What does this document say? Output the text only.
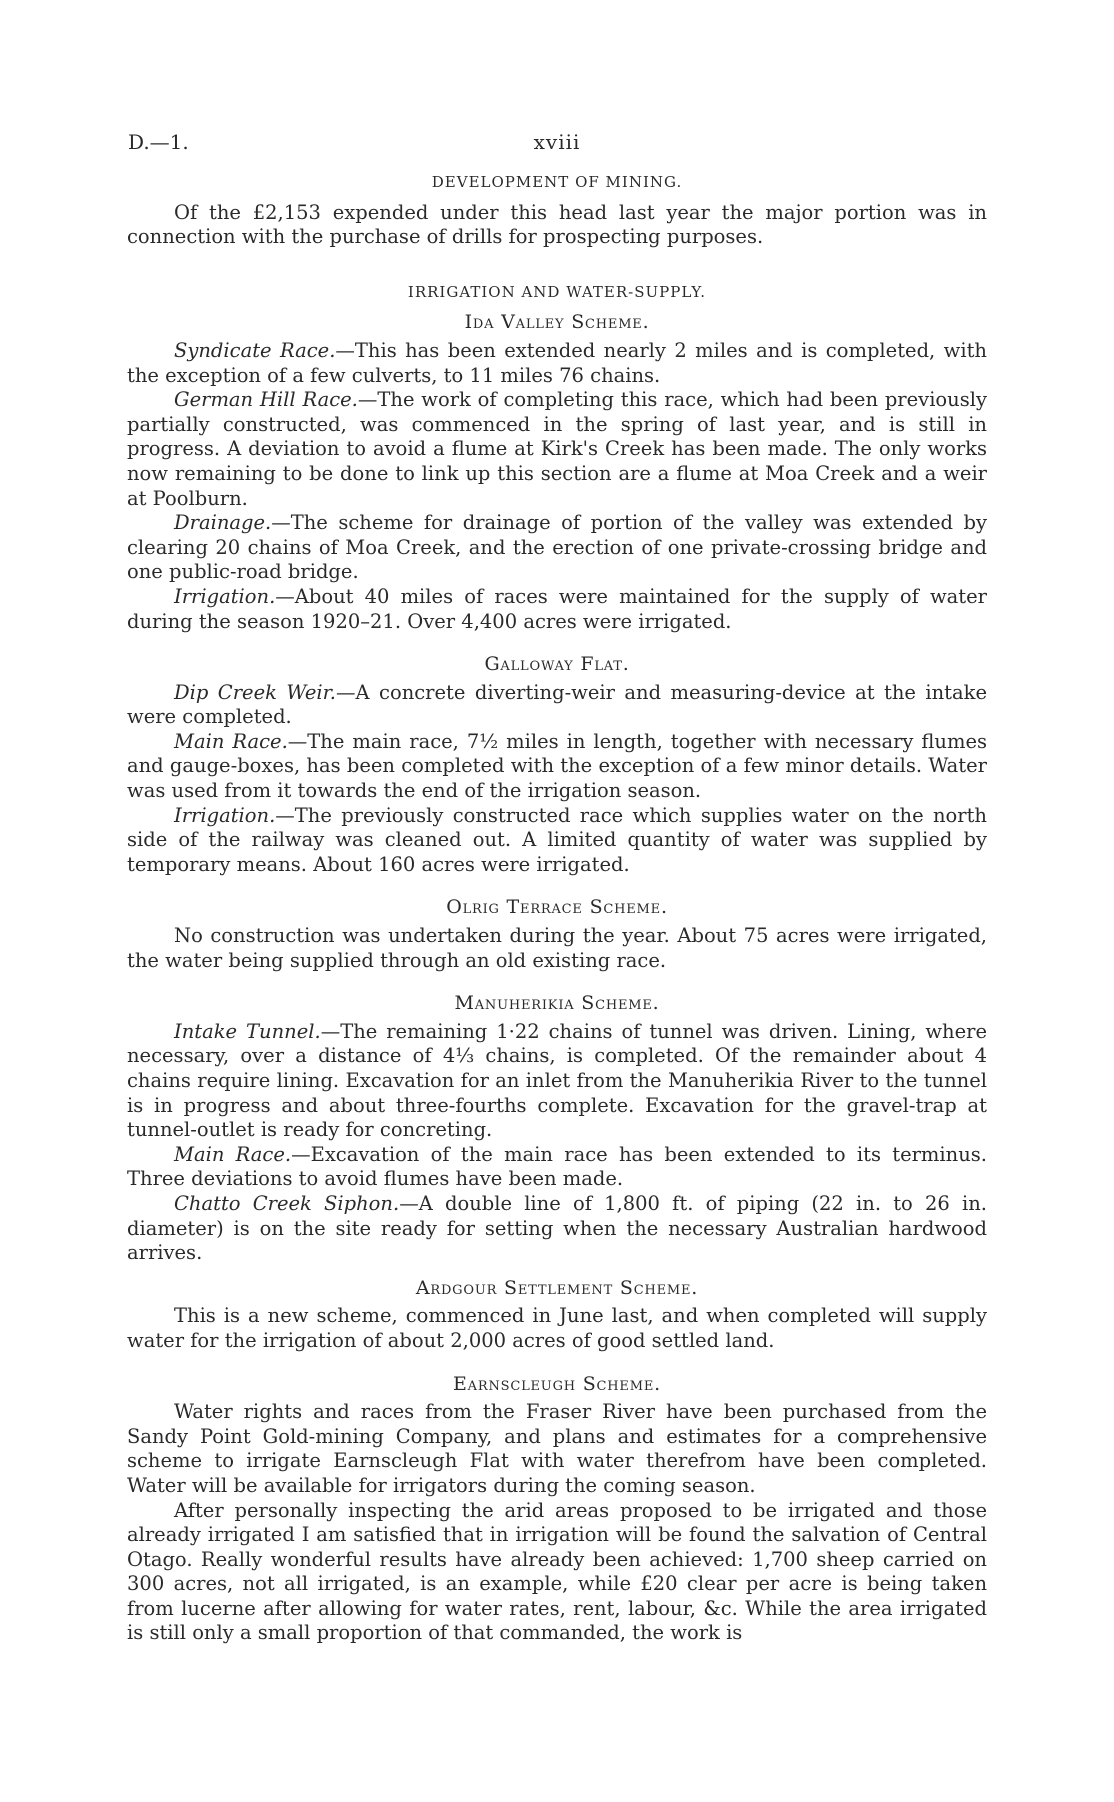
D.—1.	xviii
DEVELOPMENT OF MINING.

Of the £2,153 expended under this head last year the major portion was in connection with the purchase of drills for prospecting purposes.

IRRIGATION AND WATER-SUPPLY.
Ida Valley Scheme.

Syndicate Race.—This has been extended nearly 2 miles and is completed, with the exception of a few culverts, to 11 miles 76 chains.

German Hill Race.—The work of completing this race, which had been previously partially constructed, was commenced in the spring of last year, and is still in progress. A deviation to avoid a flume at Kirk's Creek has been made. The only works now remaining to be done to link up this section are a flume at Moa Creek and a weir at Poolburn.

Drainage.—The scheme for drainage of portion of the valley was extended by clearing 20 chains of Moa Creek, and the erection of one private-crossing bridge and one public-road bridge.

Irrigation.—About 40 miles of races were maintained for the supply of water during the season 1920–21. Over 4,400 acres were irrigated.

Galloway Flat.

Dip Creek Weir.—A concrete diverting-weir and measuring-device at the intake were completed.

Main Race.—The main race, 7½ miles in length, together with necessary flumes and gauge-boxes, has been completed with the exception of a few minor details. Water was used from it towards the end of the irrigation season.

Irrigation.—The previously constructed race which supplies water on the north side of the railway was cleaned out. A limited quantity of water was supplied by temporary means. About 160 acres were irrigated.

Olrig Terrace Scheme.

No construction was undertaken during the year. About 75 acres were irrigated, the water being supplied through an old existing race.

Manuherikia Scheme.

Intake Tunnel.—The remaining 1·22 chains of tunnel was driven. Lining, where necessary, over a distance of 4⅓ chains, is completed. Of the remainder about 4 chains require lining. Excavation for an inlet from the Manuherikia River to the tunnel is in progress and about three-fourths complete. Excavation for the gravel-trap at tunnel-outlet is ready for concreting.

Main Race.—Excavation of the main race has been extended to its terminus. Three deviations to avoid flumes have been made.

Chatto Creek Siphon.—A double line of 1,800 ft. of piping (22 in. to 26 in. diameter) is on the site ready for setting when the necessary Australian hardwood arrives.

Ardgour Settlement Scheme.

This is a new scheme, commenced in June last, and when completed will supply water for the irrigation of about 2,000 acres of good settled land.

Earnscleugh Scheme.

Water rights and races from the Fraser River have been purchased from the Sandy Point Gold-mining Company, and plans and estimates for a comprehensive scheme to irrigate Earnscleugh Flat with water therefrom have been completed. Water will be available for irrigators during the coming season.

After personally inspecting the arid areas proposed to be irrigated and those already irrigated I am satisfied that in irrigation will be found the salvation of Central Otago. Really wonderful results have already been achieved: 1,700 sheep carried on 300 acres, not all irrigated, is an example, while £20 clear per acre is being taken from lucerne after allowing for water rates, rent, labour, &c. While the area irrigated is still only a small proportion of that commanded, the work is
